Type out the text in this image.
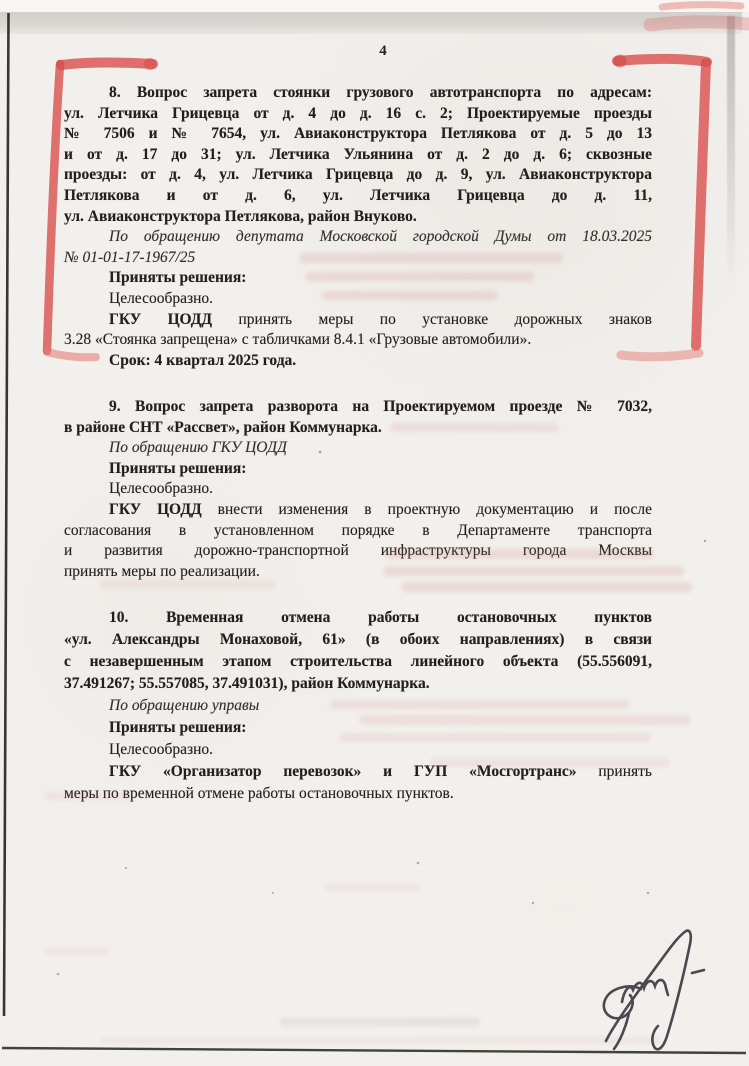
4
8. Вопрос запрета стоянки грузового автотранспорта по адресам:
ул. Летчика Грицевца от д. 4 до д. 16 с. 2; Проектируемые проезды
№ 7506 и № 7654, ул. Авиаконструктора Петлякова от д. 5 до 13
и от д. 17 до 31; ул. Летчика Ульянина от д. 2 до д. 6; сквозные
проезды: от д. 4, ул. Летчика Грицевца до д. 9, ул. Авиаконструктора
Петлякова и от д. 6, ул. Летчика Грицевца до д. 11,
ул. Авиаконструктора Петлякова, район Внуково.
По обращению депутата Московской городской Думы от 18.03.2025
№ 01-01-17-1967/25
Приняты решения:
Целесообразно.
ГКУ ЦОДД принять меры по установке дорожных знаков
3.28 «Стоянка запрещена» с табличками 8.4.1 «Грузовые автомобили».
Срок: 4 квартал 2025 года.
9. Вопрос запрета разворота на Проектируемом проезде № 7032,
в районе СНТ «Рассвет», район Коммунарка.
По обращению ГКУ ЦОДД
Приняты решения:
Целесообразно.
ГКУ ЦОДД внести изменения в проектную документацию и после
согласования в установленном порядке в Департаменте транспорта
и развития дорожно-транспортной инфраструктуры города Москвы
принять меры по реализации.
10. Временная отмена работы остановочных пунктов
«ул. Александры Монаховой, 61» (в обоих направлениях) в связи
с незавершенным этапом строительства линейного объекта (55.556091,
37.491267; 55.557085, 37.491031), район Коммунарка.
По обращению управы
Приняты решения:
Целесообразно.
ГКУ «Организатор перевозок» и ГУП «Мосгортранс» принять
меры по временной отмене работы остановочных пунктов.
